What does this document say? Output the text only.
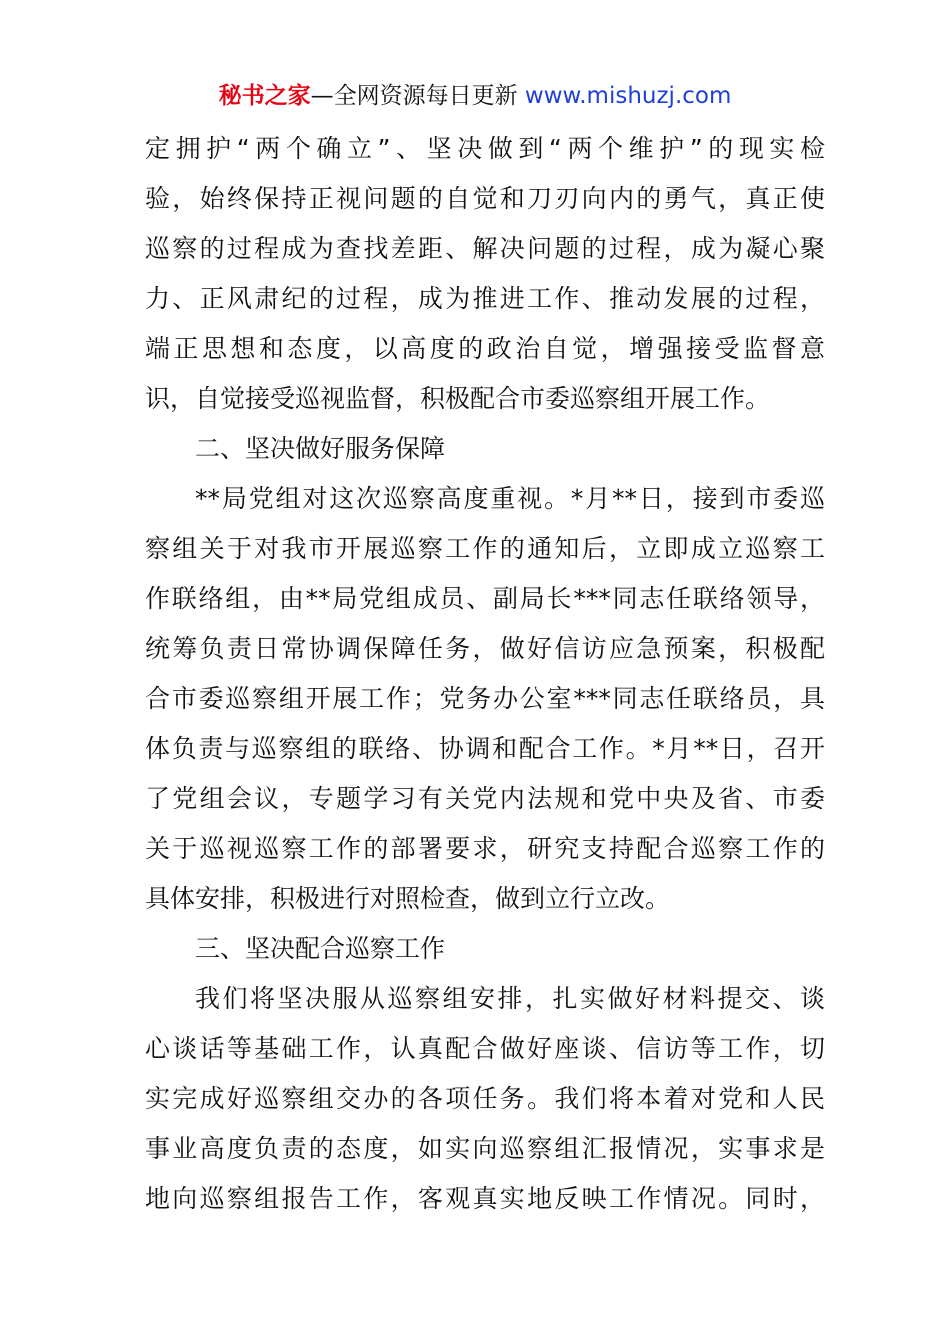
秘书之家—全网资源每日更新 www.mishuzj.com
定拥护“两个确立”、坚决做到“两个维护”的现实检
验，始终保持正视问题的自觉和刀刃向内的勇气，真正使
巡察的过程成为查找差距、解决问题的过程，成为凝心聚
力、正风肃纪的过程，成为推进工作、推动发展的过程，
端正思想和态度，以高度的政治自觉，增强接受监督意
识，自觉接受巡视监督，积极配合市委巡察组开展工作。
二、坚决做好服务保障
**局党组对这次巡察高度重视。*月**日，接到市委巡
察组关于对我市开展巡察工作的通知后，立即成立巡察工
作联络组，由**局党组成员、副局长***同志任联络领导，
统筹负责日常协调保障任务，做好信访应急预案，积极配
合市委巡察组开展工作；党务办公室***同志任联络员，具
体负责与巡察组的联络、协调和配合工作。*月**日，召开
了党组会议，专题学习有关党内法规和党中央及省、市委
关于巡视巡察工作的部署要求，研究支持配合巡察工作的
具体安排，积极进行对照检查，做到立行立改。
三、坚决配合巡察工作
我们将坚决服从巡察组安排，扎实做好材料提交、谈
心谈话等基础工作，认真配合做好座谈、信访等工作，切
实完成好巡察组交办的各项任务。我们将本着对党和人民
事业高度负责的态度，如实向巡察组汇报情况，实事求是
地向巡察组报告工作，客观真实地反映工作情况。同时，
